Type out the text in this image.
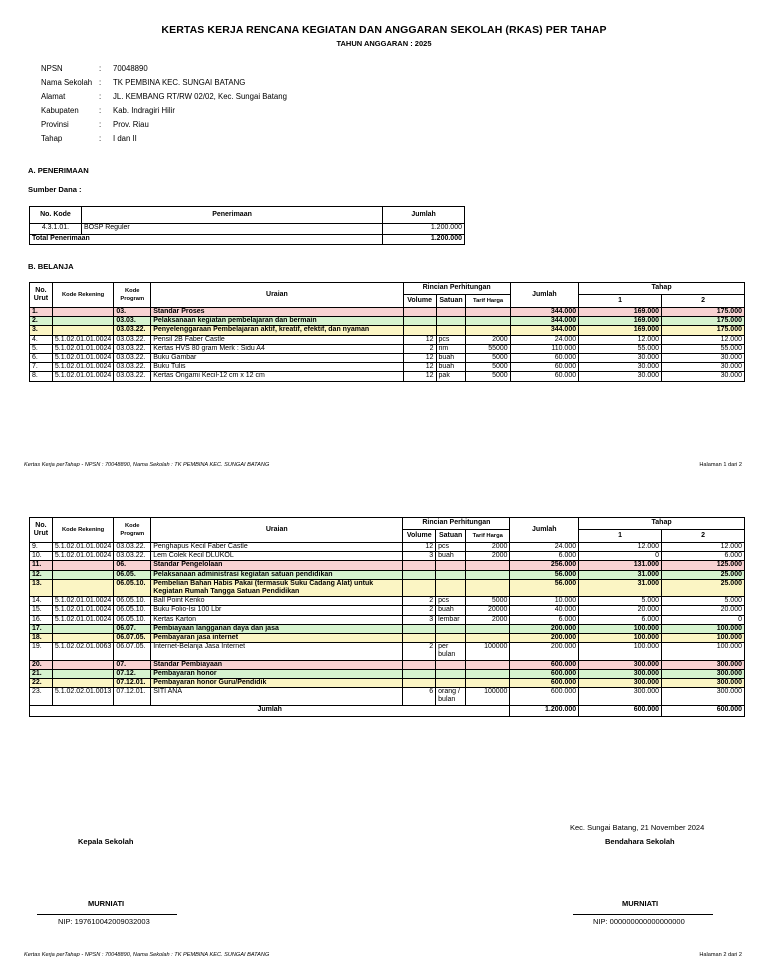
KERTAS KERJA RENCANA KEGIATAN DAN ANGGARAN SEKOLAH (RKAS) PER TAHAP
TAHUN ANGGARAN : 2025
NPSN	:	70048890
Nama Sekolah :	TK PEMBINA KEC. SUNGAI BATANG
Alamat	:	JL. KEMBANG RT/RW 02/02, Kec. Sungai Batang
Kabupaten	:	Kab. Indragiri Hilir
Provinsi	:	Prov. Riau
Tahap	:	I dan II
A. PENERIMAAN
Sumber Dana :
No. Kode	Penerimaan	Jumlah
4.3.1.01.	BOSP Reguler	1.200.000
Total Penerimaan		1.200.000
B. BELANJA
No. Urut	Kode Rekening	Kode Program	Uraian	Rincian Perhitungan			Jumlah	Tahap	
				Volume	Satuan	Tarif Harga		1	2
1.		03.	Standar Proses				344.000	169.000	175.000
2.		03.03.	Pelaksanaan kegiatan pembelajaran dan bermain				344.000	169.000	175.000
3.		03.03.22.	Penyelenggaraan Pembelajaran aktif, kreatif, efektif, dan nyaman				344.000	169.000	175.000
4.	5.1.02.01.01.0024	03.03.22.	Pensil 2B Faber Castle	12	pcs	2000	24.000	12.000	12.000
5.	5.1.02.01.01.0024	03.03.22.	Kertas HVS 80 gram Merk : Sidu A4	2	rim	55000	110.000	55.000	55.000
6.	5.1.02.01.01.0024	03.03.22.	Buku Gambar	12	buah	5000	60.000	30.000	30.000
7.	5.1.02.01.01.0024	03.03.22.	Buku Tulis	12	buah	5000	60.000	30.000	30.000
8.	5.1.02.01.01.0024	03.03.22.	Kertas Origami Kecil-12 cm x 12 cm	12	pak	5000	60.000	30.000	30.000
Kertas Kerja perTahap - NPSN : 70048890, Nama Sekolah : TK PEMBINA KEC. SUNGAI BATANG	Halaman 1 dari 2
No. Urut	Kode Rekening	Kode Program	Uraian	Rincian Perhitungan			Jumlah	Tahap	
				Volume	Satuan	Tarif Harga		1	2
9.	5.1.02.01.01.0024	03.03.22.	Penghapus Kecil Faber Castle	12	pcs	2000	24.000	12.000	12.000
10.	5.1.02.01.01.0024	03.03.22.	Lem Colek Kecil DLUKOL	3	buah	2000	6.000	0	6.000
11.		06.	Standar Pengelolaan				256.000	131.000	125.000
12.		06.05.	Pelaksanaan administrasi kegiatan satuan pendidikan				56.000	31.000	25.000
13.		06.05.10.	Pembelian Bahan Habis Pakai (termasuk Suku Cadang Alat) untuk Kegiatan Rumah Tangga Satuan Pendidikan				56.000	31.000	25.000
14.	5.1.02.01.01.0024	06.05.10.	Ball Point Kenko	2	pcs	5000	10.000	5.000	5.000
15.	5.1.02.01.01.0024	06.05.10.	Buku Folio-Isi 100 Lbr	2	buah	20000	40.000	20.000	20.000
16.	5.1.02.01.01.0024	06.05.10.	Kertas Karton	3	lembar	2000	6.000	6.000	0
17.		06.07.	Pembiayaan langganan daya dan jasa				200.000	100.000	100.000
18.		06.07.05.	Pembayaran jasa internet				200.000	100.000	100.000
19.	5.1.02.02.01.0063	06.07.05.	Internet-Belanja Jasa Internet	2	per bulan	100000	200.000	100.000	100.000
20.		07.	Standar Pembiayaan				600.000	300.000	300.000
21.		07.12.	Pembayaran honor				600.000	300.000	300.000
22.		07.12.01.	Pembayaran honor Guru/Pendidik				600.000	300.000	300.000
23.	5.1.02.02.01.0013	07.12.01.	SITI ANA	6	orang / bulan	100000	600.000	300.000	300.000
Jumlah							1.200.000	600.000	600.000
Kec. Sungai Batang, 21 November 2024
Kepala Sekolah	Bendahara Sekolah
MURNIATI	MURNIATI
NIP: 197610042009032003	NIP: 000000000000000000
Kertas Kerja perTahap - NPSN : 70048890, Nama Sekolah : TK PEMBINA KEC. SUNGAI BATANG	Halaman 2 dari 2
